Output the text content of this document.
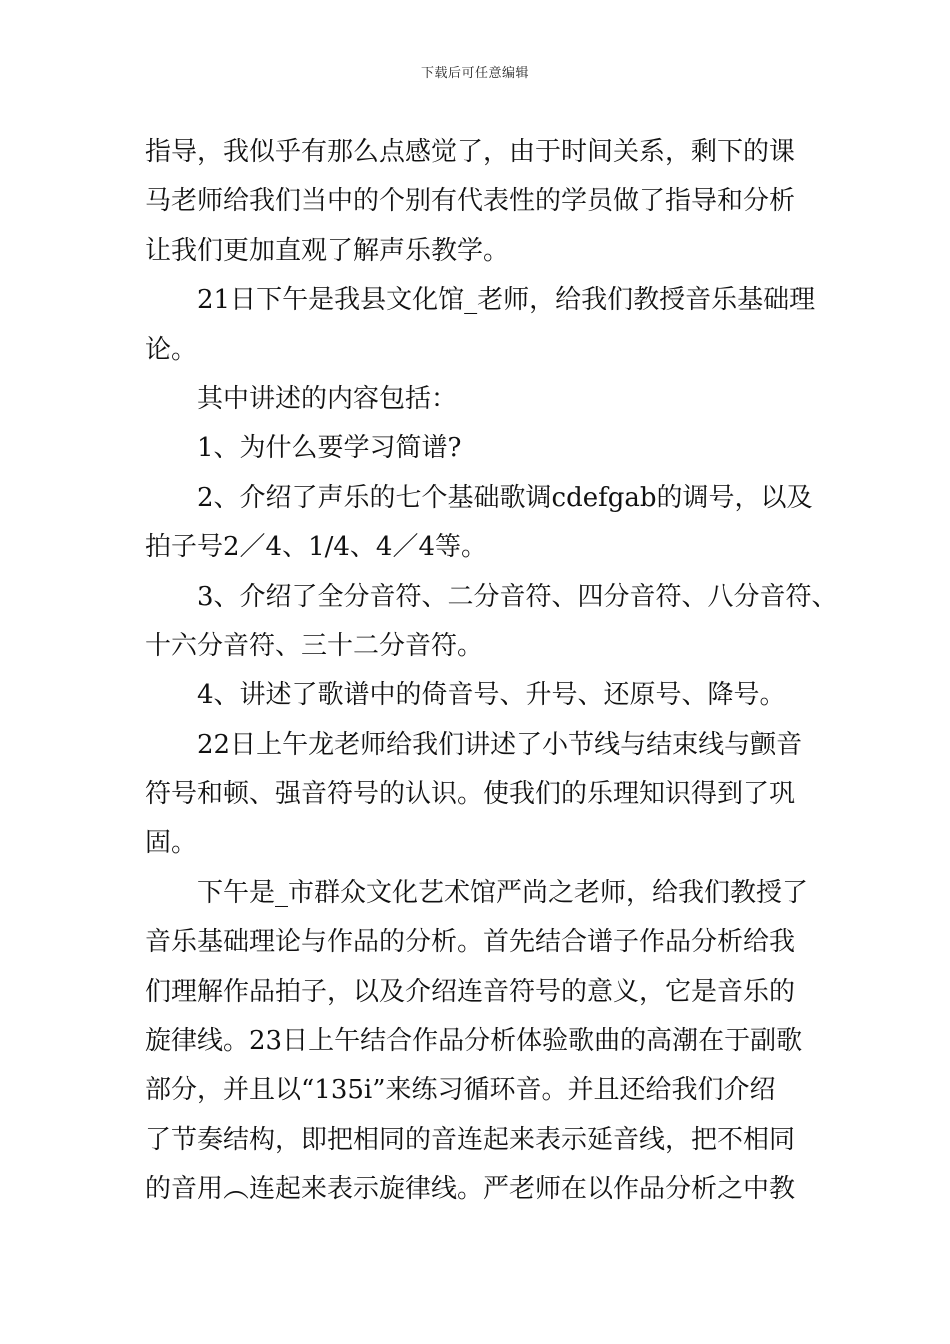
下载后可任意编辑
指导，我似乎有那么点感觉了，由于时间关系，剩下的课
马老师给我们当中的个别有代表性的学员做了指导和分析
让我们更加直观了解声乐教学。
21日下午是我县文化馆_老师，给我们教授音乐基础理
论。
其中讲述的内容包括：
1、为什么要学习简谱?
2、介绍了声乐的七个基础歌调cdefgab的调号，以及
拍子号2／4、1/4、4／4等。
3、介绍了全分音符、二分音符、四分音符、八分音符、
十六分音符、三十二分音符。
4、讲述了歌谱中的倚音号、升号、还原号、降号。
22日上午龙老师给我们讲述了小节线与结束线与颤音
符号和顿、强音符号的认识。使我们的乐理知识得到了巩
固。
下午是_市群众文化艺术馆严尚之老师，给我们教授了
音乐基础理论与作品的分析。首先结合谱子作品分析给我
们理解作品拍子，以及介绍连音符号的意义，它是音乐的
旋律线。23日上午结合作品分析体验歌曲的高潮在于副歌
部分，并且以“135i”来练习循环音。并且还给我们介绍
了节奏结构，即把相同的音连起来表示延音线，把不相同
的音用︵连起来表示旋律线。严老师在以作品分析之中教
